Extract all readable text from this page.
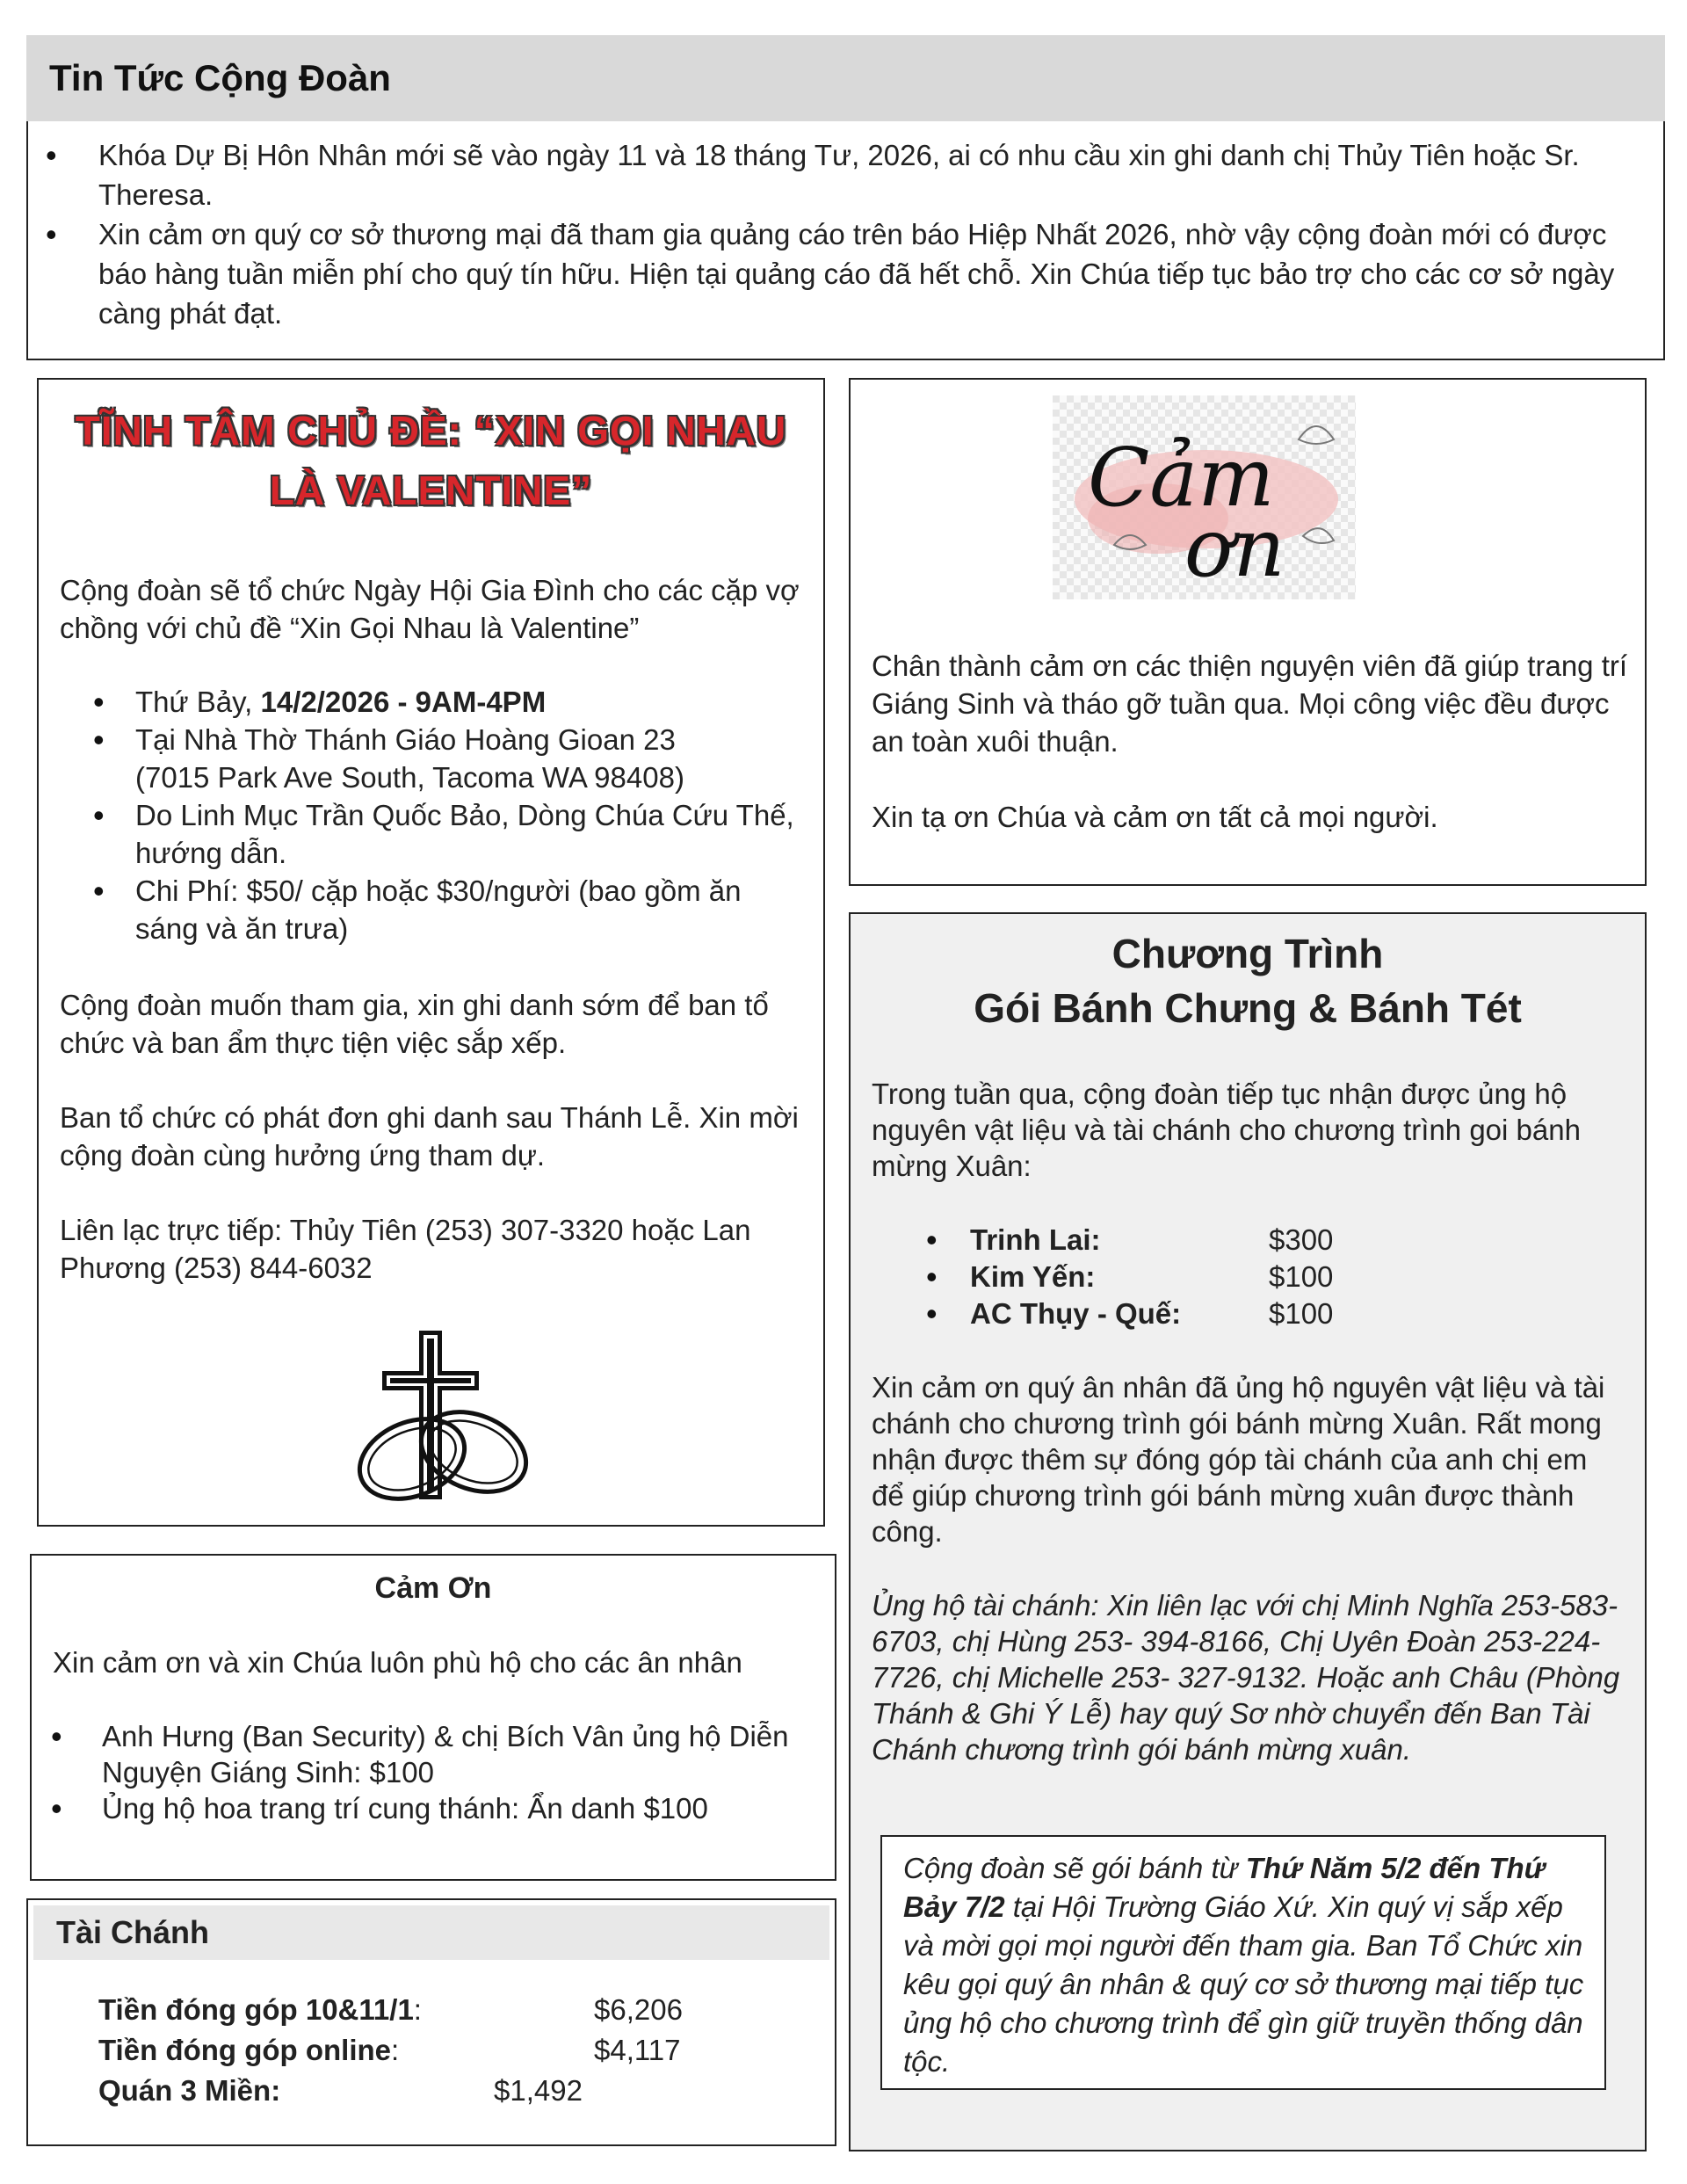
Tin Tức Cộng Đoàn
• Khóa Dự Bị Hôn Nhân mới sẽ vào ngày 11 và 18 tháng Tư, 2026, ai có nhu cầu xin ghi danh chị Thủy Tiên hoặc Sr. Theresa.
• Xin cảm ơn quý cơ sở thương mại đã tham gia quảng cáo trên báo Hiệp Nhất 2026, nhờ vậy cộng đoàn mới có được báo hàng tuần miễn phí cho quý tín hữu. Hiện tại quảng cáo đã hết chỗ. Xin Chúa tiếp tục bảo trợ cho các cơ sở ngày càng phát đạt.
TĨNH TÂM CHỦ ĐỀ: “XIN GỌI NHAU
LÀ VALENTINE”

Cộng đoàn sẽ tổ chức Ngày Hội Gia Đình cho các cặp vợ chồng với chủ đề “Xin Gọi Nhau là Valentine”

• Thứ Bảy, 14/2/2026 - 9AM-4PM
• Tại Nhà Thờ Thánh Giáo Hoàng Gioan 23
(7015 Park Ave South, Tacoma WA 98408)
• Do Linh Mục Trần Quốc Bảo, Dòng Chúa Cứu Thế, hướng dẫn.
• Chi Phí: $50/ cặp hoặc $30/người (bao gồm ăn sáng và ăn trưa)

Cộng đoàn muốn tham gia, xin ghi danh sớm để ban tổ chức và ban ẩm thực tiện việc sắp xếp.

Ban tổ chức có phát đơn ghi danh sau Thánh Lễ. Xin mời cộng đoàn cùng hưởng ứng tham dự.

Liên lạc trực tiếp: Thủy Tiên (253) 307-3320 hoặc Lan Phương (253) 844-6032

Cảm Ơn

Xin cảm ơn và xin Chúa luôn phù hộ cho các ân nhân

• Anh Hưng (Ban Security) & chị Bích Vân ủng hộ Diễn Nguyện Giáng Sinh: $100
• Ủng hộ hoa trang trí cung thánh: Ẩn danh $100
Tài Chánh
Tiền đóng góp 10&11/1:	$6,206
Tiền đóng góp online:	$4,117
Quán 3 Miền:	$1,492
Cảm
ơn

Chân thành cảm ơn các thiện nguyện viên đã giúp trang trí Giáng Sinh và tháo gỡ tuần qua. Mọi công việc đều được an toàn xuôi thuận.

Xin tạ ơn Chúa và cảm ơn tất cả mọi người.

Chương Trình
Gói Bánh Chưng & Bánh Tét

Trong tuần qua, cộng đoàn tiếp tục nhận được ủng hộ nguyên vật liệu và tài chánh cho chương trình goi bánh mừng Xuân:

• Trinh Lai:	$300
• Kim Yến:	$100
• AC Thụy - Quế:	$100

Xin cảm ơn quý ân nhân đã ủng hộ nguyên vật liệu và tài chánh cho chương trình gói bánh mừng Xuân. Rất mong nhận được thêm sự đóng góp tài chánh của anh chị em để giúp chương trình gói bánh mừng xuân được thành công.

Ủng hộ tài chánh: Xin liên lạc với chị Minh Nghĩa 253-583-6703, chị Hùng 253- 394-8166, Chị Uyên Đoàn 253-224-7726, chị Michelle 253- 327-9132. Hoặc anh Châu (Phòng Thánh & Ghi Ý Lễ) hay quý Sơ nhờ chuyển đến Ban Tài Chánh chương trình gói bánh mừng xuân.

Cộng đoàn sẽ gói bánh từ Thứ Năm 5/2 đến Thứ Bảy 7/2 tại Hội Trường Giáo Xứ. Xin quý vị sắp xếp và mời gọi mọi người đến tham gia. Ban Tổ Chức xin kêu gọi quý ân nhân & quý cơ sở thương mại tiếp tục ủng hộ cho chương trình để gìn giữ truyền thống dân tộc.
